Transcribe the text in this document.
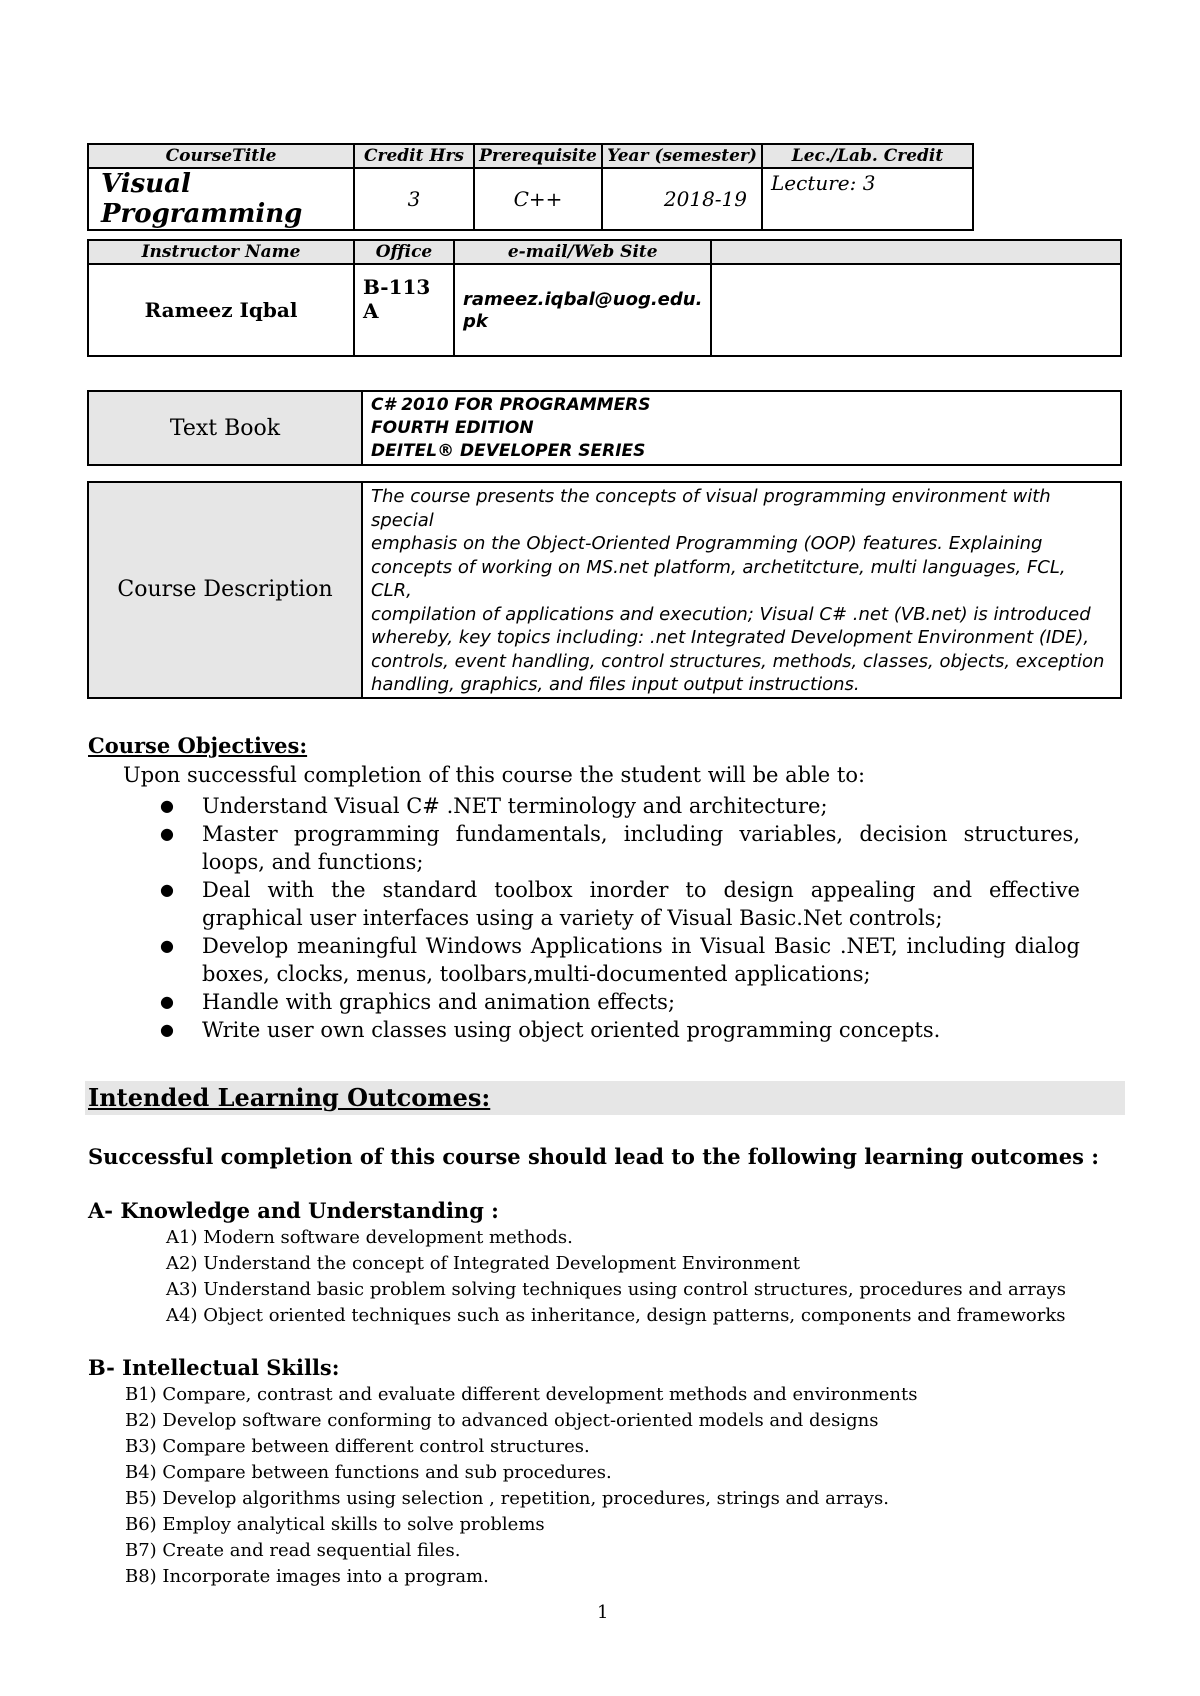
CourseTitle	Credit Hrs	Prerequisite	Year (semester)	Lec./Lab. Credit
Visual Programming	3	C++	2018-19	Lecture: 3
Instructor Name	Office	e-mail/Web Site	
Rameez Iqbal	B-113 A	rameez.iqbal@uog.edu.
pk	

Text Book	
C# 2010 FOR PROGRAMMERS
FOURTH EDITION
DEITEL® DEVELOPER SERIES
Course Description	
The course presents the concepts of visual programming environment with special
emphasis on the Object-Oriented Programming (OOP) features. Explaining
concepts of working on MS.net platform, archetitcture, multi languages, FCL, CLR,
compilation of applications and execution; Visual C# .net (VB.net) is introduced
whereby, key topics including: .net Integrated Development Environment (IDE),
controls, event handling, control structures, methods, classes, objects, exception
handling, graphics, and files input output instructions.
Course Objectives:
Upon successful completion of this course the student will be able to:
● Understand Visual C# .NET terminology and architecture;
● Master programming fundamentals, including variables, decision structures, loops, and functions;
● Deal with the standard toolbox inorder to design appealing and effective graphical user interfaces using a variety of Visual Basic.Net controls;
● Develop meaningful Windows Applications in Visual Basic .NET, including dialog boxes, clocks, menus, toolbars,multi-documented applications;
● Handle with graphics and animation effects;
● Write user own classes using object oriented programming concepts.
Intended Learning Outcomes:
Successful completion of this course should lead to the following learning outcomes :
A- Knowledge and Understanding :
A1) Modern software development methods.
A2) Understand the concept of Integrated Development Environment
A3) Understand basic problem solving techniques using control structures, procedures and arrays
A4) Object oriented techniques such as inheritance, design patterns, components and frameworks
B- Intellectual Skills:
B1) Compare, contrast and evaluate different development methods and environments
B2) Develop software conforming to advanced object-oriented models and designs
B3) Compare between different control structures.
B4) Compare between functions and sub procedures.
B5) Develop algorithms using selection , repetition, procedures, strings and arrays.
B6) Employ analytical skills to solve problems
B7) Create and read sequential files.
B8) Incorporate images into a program.
1
